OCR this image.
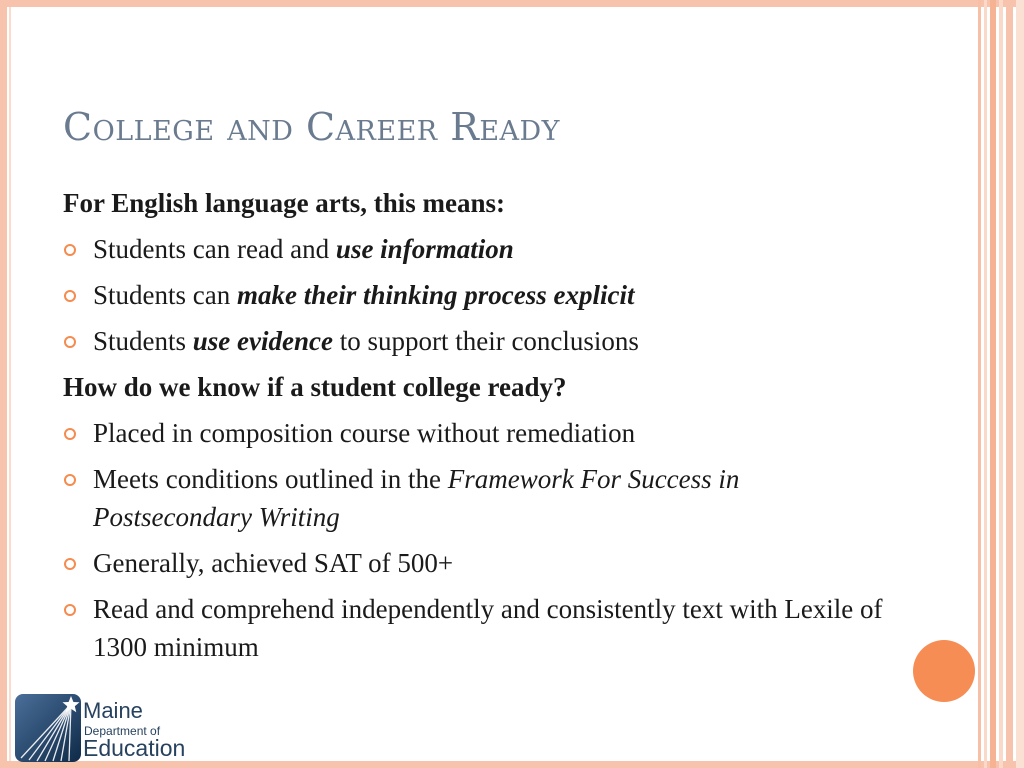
College and Career Ready
For English language arts, this means:
Students can read and use information
Students can make their thinking process explicit
Students use evidence to support their conclusions
How do we know if a student college ready?
Placed in composition course without remediation
Meets conditions outlined in the Framework For Success in Postsecondary Writing
Generally, achieved SAT of 500+
Read and comprehend independently and consistently text with Lexile of 1300 minimum
Maine
Department of
Education
